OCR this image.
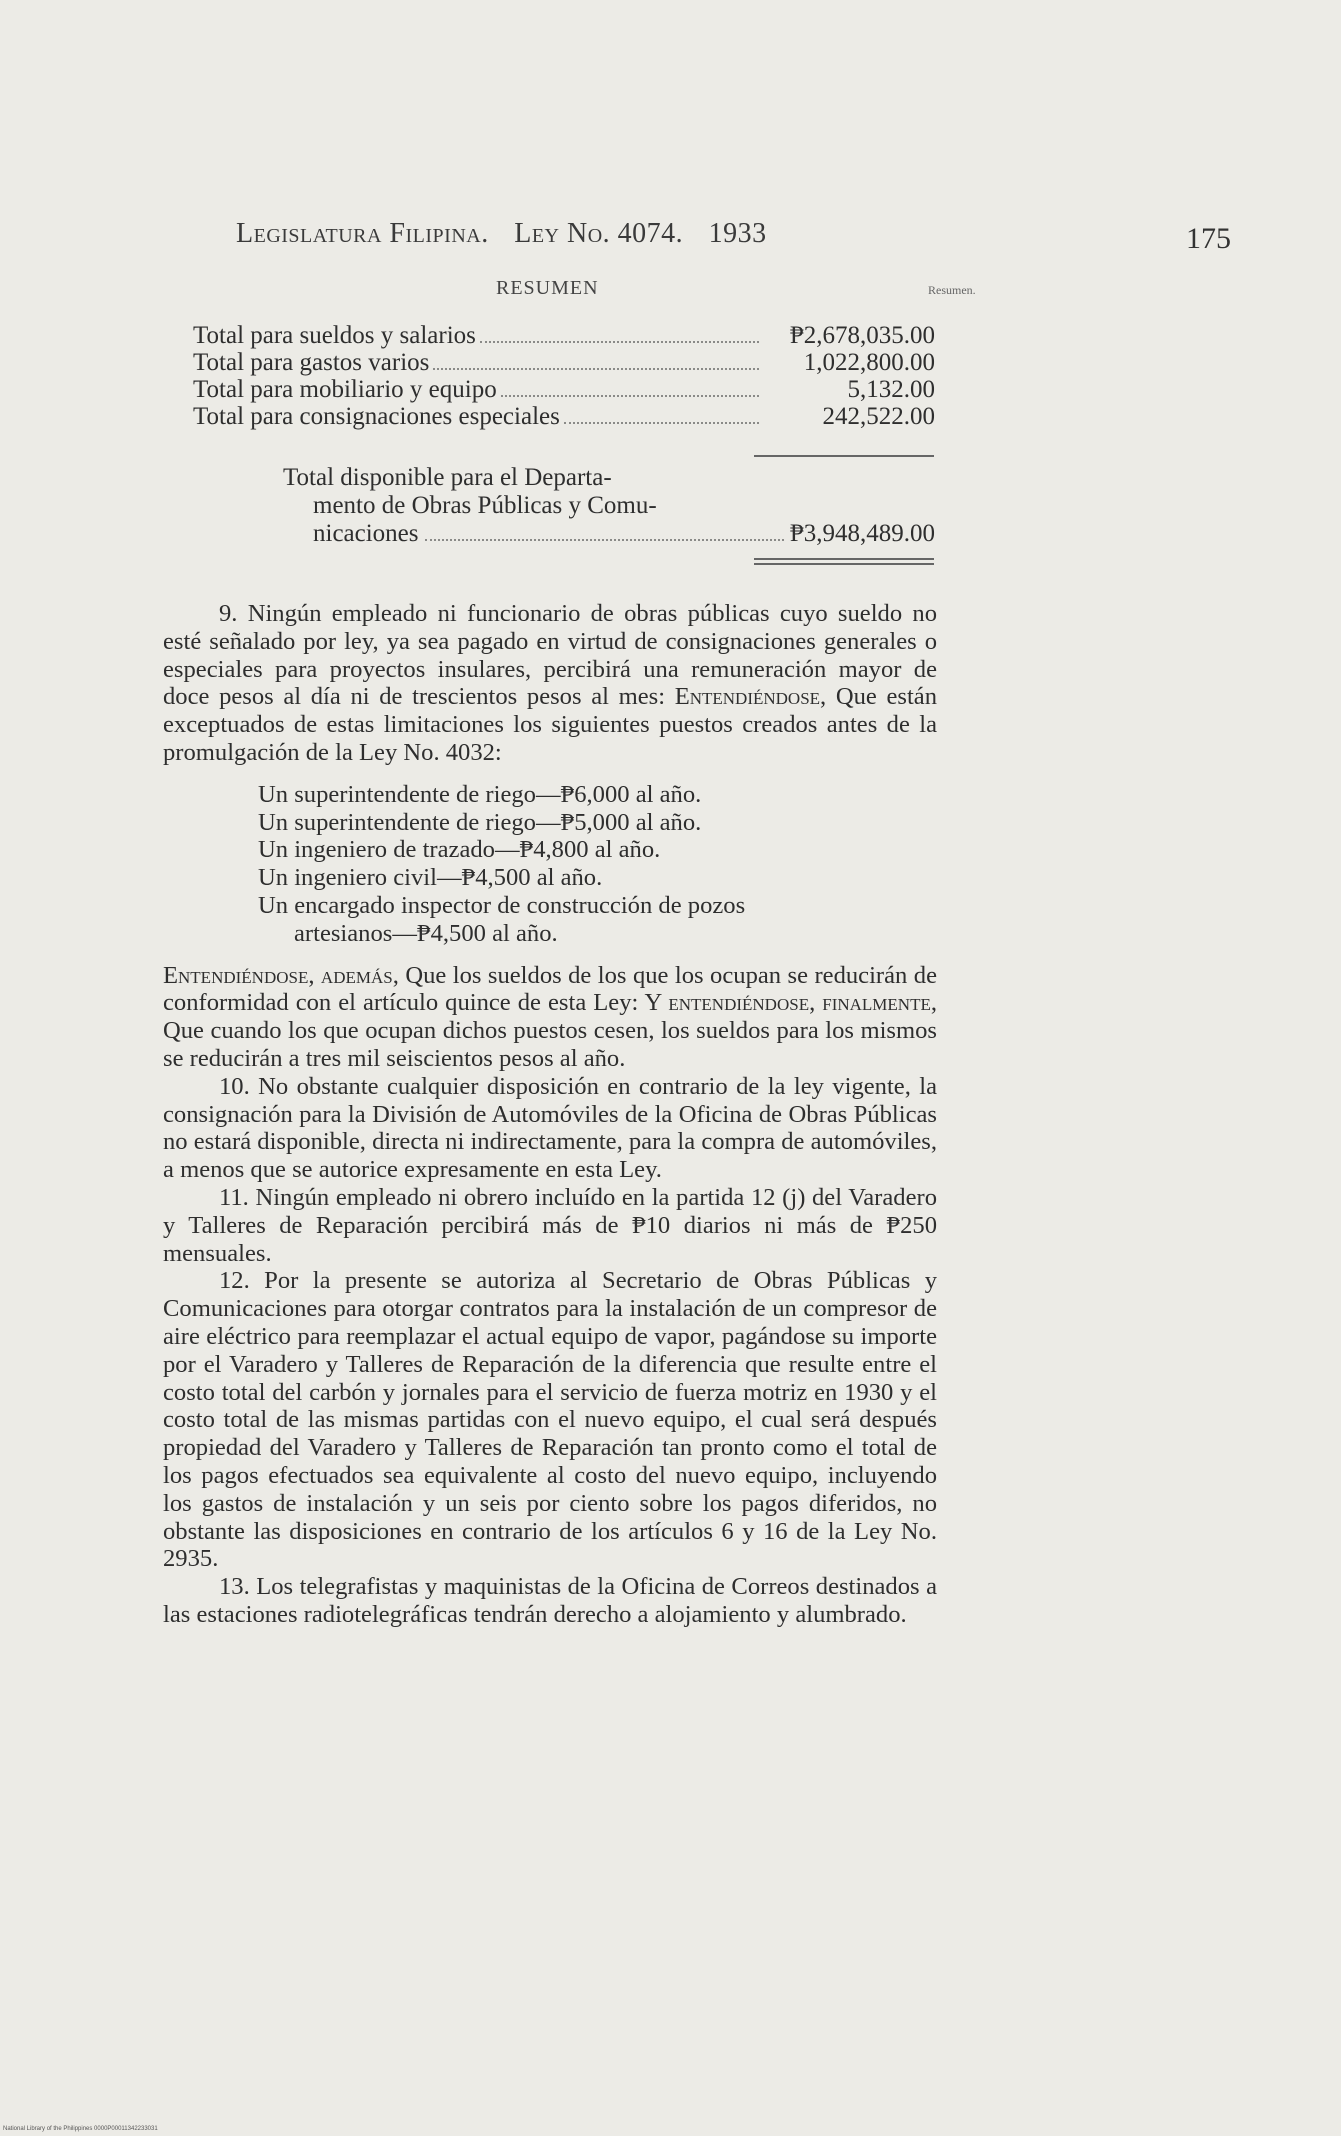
Legislatura Filipina. Ley No. 4074. 1933	175
RESUMEN	Resumen.
Total para sueldos y salarios	₱2,678,035.00
Total para gastos varios	1,022,800.00
Total para mobiliario y equipo	5,132.00
Total para consignaciones especiales	242,522.00
Total disponible para el Departa-
mento de Obras Públicas y Comu-
nicaciones	₱3,948,489.00

9. Ningún empleado ni funcionario de obras públicas cuyo sueldo no esté señalado por ley, ya sea pagado en virtud de consignaciones generales o especiales para proyectos insulares, percibirá una remuneración mayor de doce pesos al día ni de trescientos pesos al mes: Entendiéndose, Que están exceptuados de estas limitaciones los siguientes puestos creados antes de la promulgación de la Ley No. 4032:

Un superintendente de riego—₱6,000 al año.
Un superintendente de riego—₱5,000 al año.
Un ingeniero de trazado—₱4,800 al año.
Un ingeniero civil—₱4,500 al año.
Un encargado inspector de construcción de pozos
artesianos—₱4,500 al año.

Entendiéndose, además, Que los sueldos de los que los ocupan se reducirán de conformidad con el artículo quince de esta Ley: Y entendiéndose, finalmente, Que cuando los que ocupan dichos puestos cesen, los sueldos para los mismos se reducirán a tres mil seiscientos pesos al año.

10. No obstante cualquier disposición en contrario de la ley vigente, la consignación para la División de Automóviles de la Oficina de Obras Públicas no estará disponible, directa ni indirectamente, para la compra de automóviles, a menos que se autorice expresamente en esta Ley.

11. Ningún empleado ni obrero incluído en la partida 12 (j) del Varadero y Talleres de Reparación percibirá más de ₱10 diarios ni más de ₱250 mensuales.

12. Por la presente se autoriza al Secretario de Obras Públicas y Comunicaciones para otorgar contratos para la instalación de un compresor de aire eléctrico para reemplazar el actual equipo de vapor, pagándose su importe por el Varadero y Talleres de Reparación de la diferencia que resulte entre el costo total del carbón y jornales para el servicio de fuerza motriz en 1930 y el costo total de las mismas partidas con el nuevo equipo, el cual será después propiedad del Varadero y Talleres de Reparación tan pronto como el total de los pagos efectuados sea equivalente al costo del nuevo equipo, incluyendo los gastos de instalación y un seis por ciento sobre los pagos diferidos, no obstante las disposiciones en contrario de los artículos 6 y 16 de la Ley No. 2935.

13. Los telegrafistas y maquinistas de la Oficina de Correos destinados a las estaciones radiotelegráficas tendrán derecho a alojamiento y alumbrado.

National Library of the Philippines 0000P00011342233031
